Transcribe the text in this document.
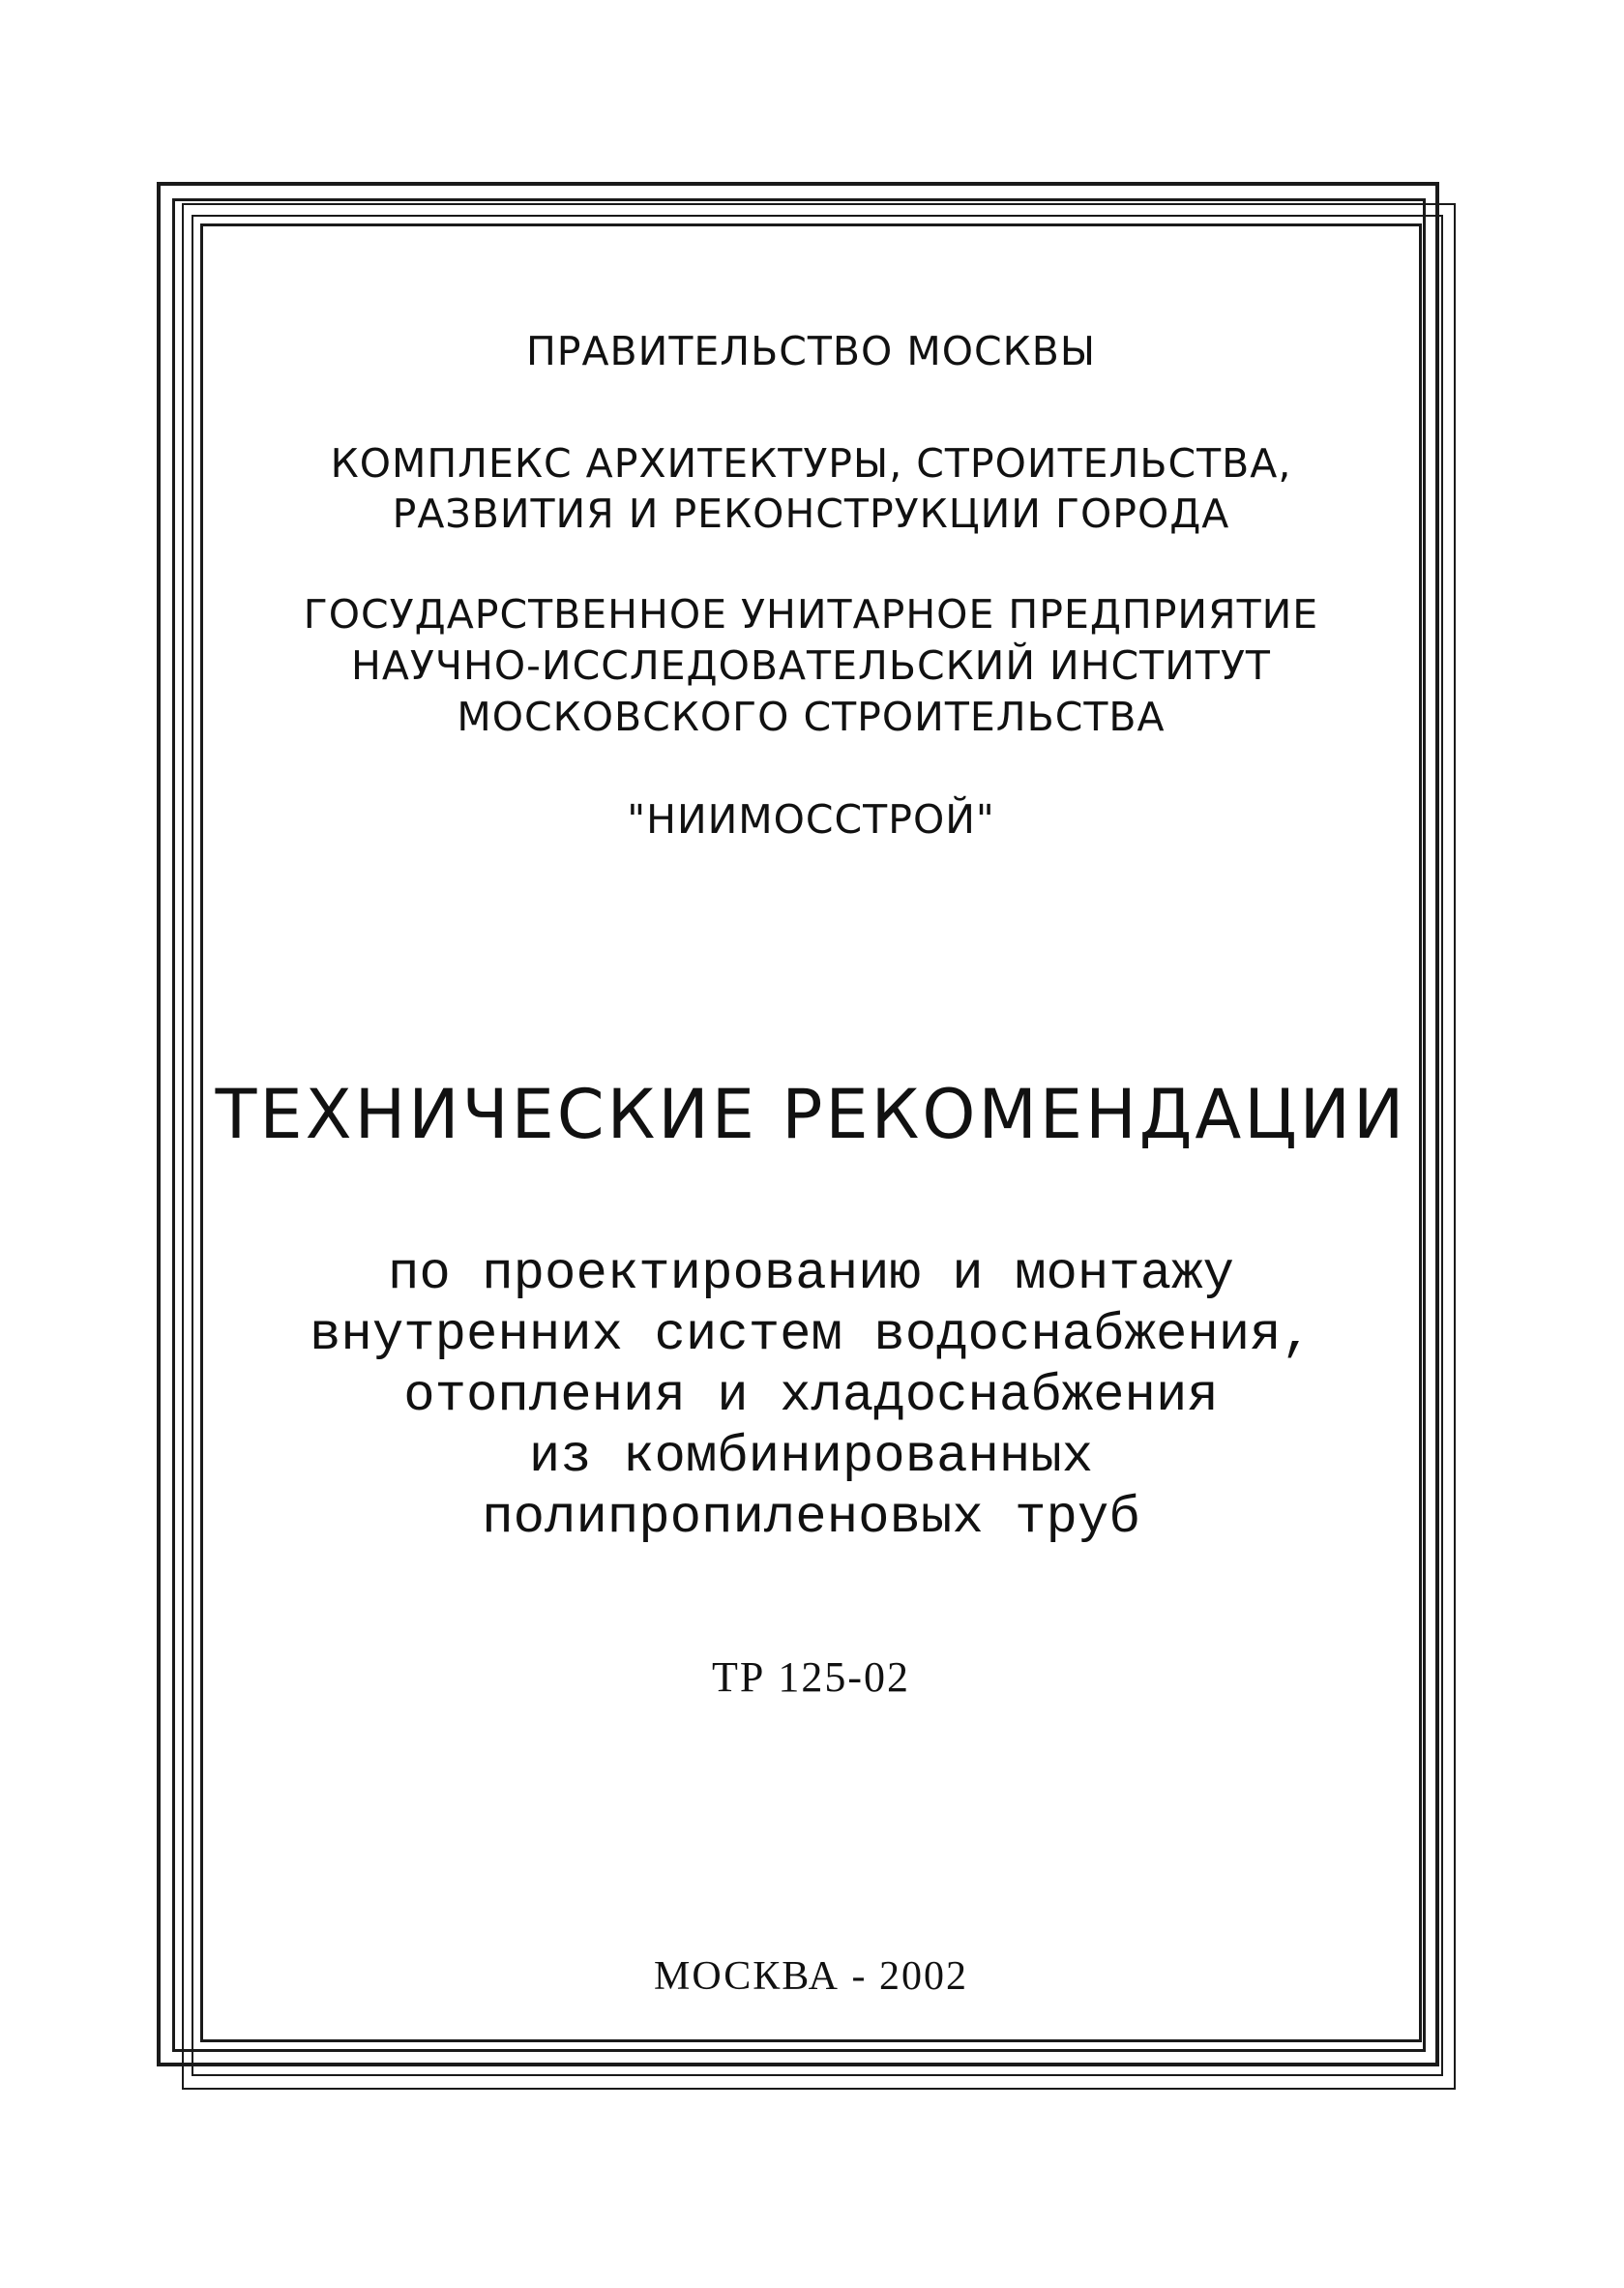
ПРАВИТЕЛЬСТВО МОСКВЫ

КОМПЛЕКС АРХИТЕКТУРЫ, СТРОИТЕЛЬСТВА,

РАЗВИТИЯ И РЕКОНСТРУКЦИИ ГОРОДА

ГОСУДАРСТВЕННОЕ УНИТАРНОЕ ПРЕДПРИЯТИЕ

НАУЧНО-ИССЛЕДОВАТЕЛЬСКИЙ ИНСТИТУТ

МОСКОВСКОГО СТРОИТЕЛЬСТВА

"НИИМОССТРОЙ"

ТЕХНИЧЕСКИЕ РЕКОМЕНДАЦИИ

по проектированию и монтажу

внутренних систем водоснабжения,

отопления и хладоснабжения

из комбинированных

полипропиленовых труб

ТР 125-02

МОСКВА - 2002
